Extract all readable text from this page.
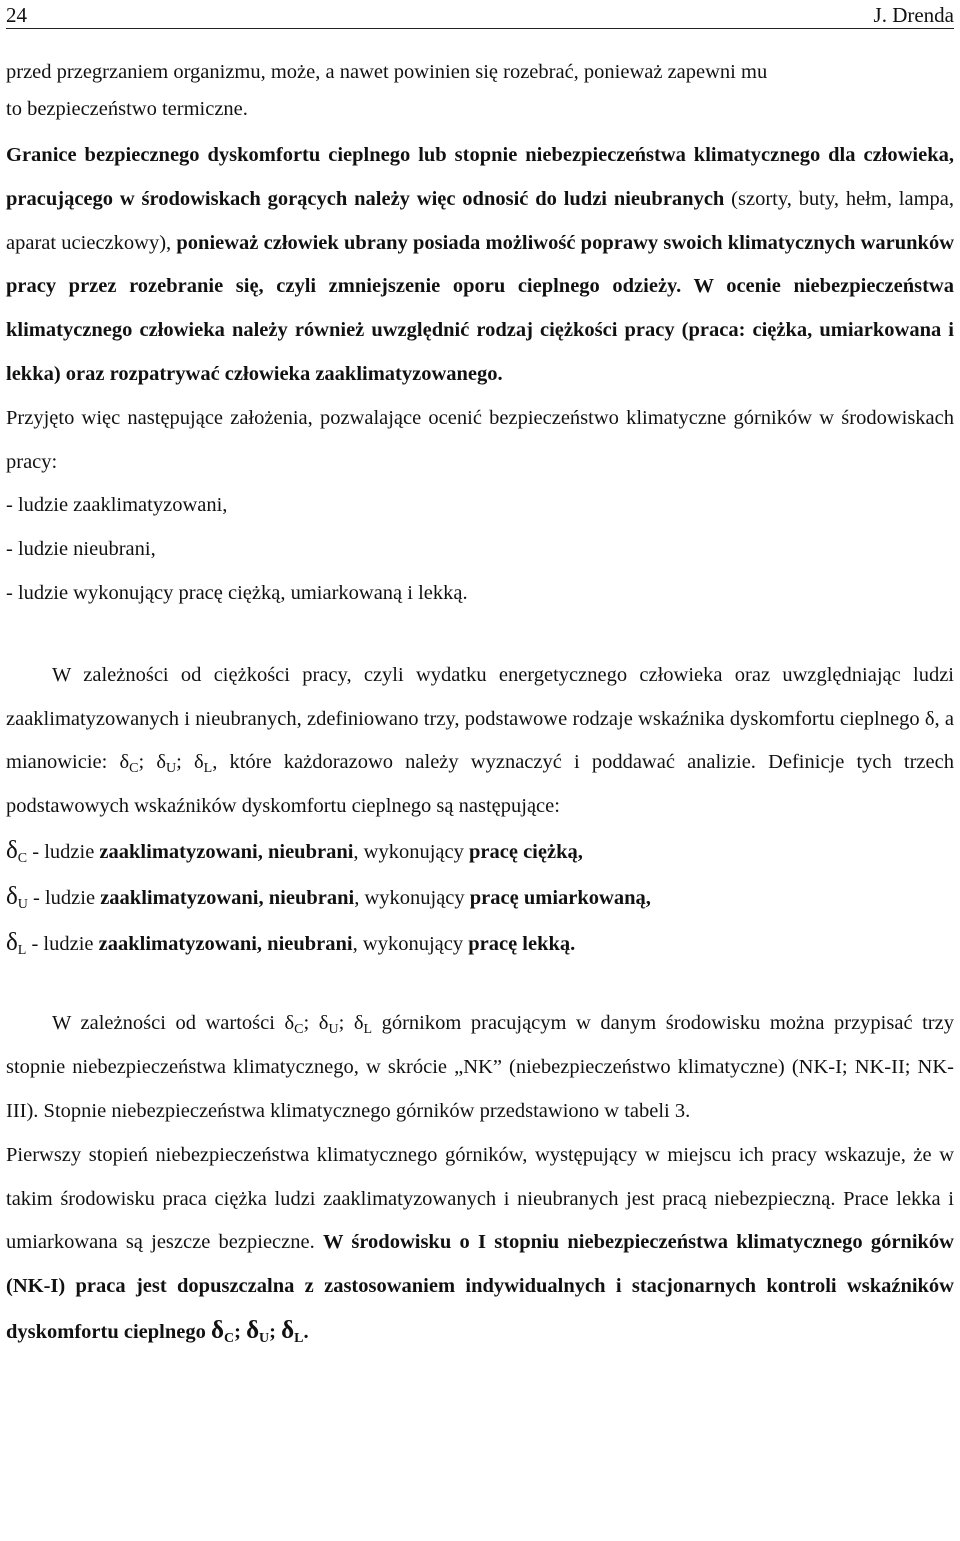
24	J. Drenda

przed przegrzaniem organizmu, może, a nawet powinien się rozebrać, ponieważ zapewni mu

to bezpieczeństwo termiczne.

Granice bezpiecznego dyskomfortu cieplnego lub stopnie niebezpieczeństwa klimatycznego dla człowieka, pracującego w środowiskach gorących należy więc odnosić do ludzi nieubranych (szorty, buty, hełm, lampa, aparat ucieczkowy), ponieważ człowiek ubrany posiada możliwość poprawy swoich klimatycznych warunków pracy przez rozebranie się, czyli zmniejszenie oporu cieplnego odzieży. W ocenie niebezpieczeństwa klimatycznego człowieka należy również uwzględnić rodzaj ciężkości pracy (praca: ciężka, umiarkowana i lekka) oraz rozpatrywać człowieka zaaklimatyzowanego.

Przyjęto więc następujące założenia, pozwalające ocenić bezpieczeństwo klimatyczne górników w środowiskach pracy:

- ludzie zaaklimatyzowani,

- ludzie nieubrani,

- ludzie wykonujący pracę ciężką, umiarkowaną i lekką.

W zależności od ciężkości pracy, czyli wydatku energetycznego człowieka oraz uwzględniając ludzi zaaklimatyzowanych i nieubranych, zdefiniowano trzy, podstawowe rodzaje wskaźnika dyskomfortu cieplnego δ, a mianowicie: $\delta_C$; $\delta_U$; $\delta_L$, które każdorazowo należy wyznaczyć i poddawać analizie. Definicje tych trzech podstawowych wskaźników dyskomfortu cieplnego są następujące:

$\delta_C$ - ludzie zaaklimatyzowani, nieubrani, wykonujący pracę ciężką,

$\delta_U$ - ludzie zaaklimatyzowani, nieubrani, wykonujący pracę umiarkowaną,

$\delta_L$ - ludzie zaaklimatyzowani, nieubrani, wykonujący pracę lekką.

W zależności od wartości $\delta_C$; $\delta_U$; $\delta_L$ górnikom pracującym w danym środowisku można przypisać trzy stopnie niebezpieczeństwa klimatycznego, w skrócie „NK” (niebezpieczeństwo klimatyczne) (NK-I; NK-II; NK-III). Stopnie niebezpieczeństwa klimatycznego górników przedstawiono w tabeli 3.

Pierwszy stopień niebezpieczeństwa klimatycznego górników, występujący w miejscu ich pracy wskazuje, że w takim środowisku praca ciężka ludzi zaaklimatyzowanych i nieubranych jest pracą niebezpieczną. Prace lekka i umiarkowana są jeszcze bezpieczne. W środowisku o I stopniu niebezpieczeństwa klimatycznego górników (NK-I) praca jest dopuszczalna z zastosowaniem indywidualnych i stacjonarnych kontroli wskaźników dyskomfortu cieplnego $\delta_C$; $\delta_U$; $\delta_L$.
